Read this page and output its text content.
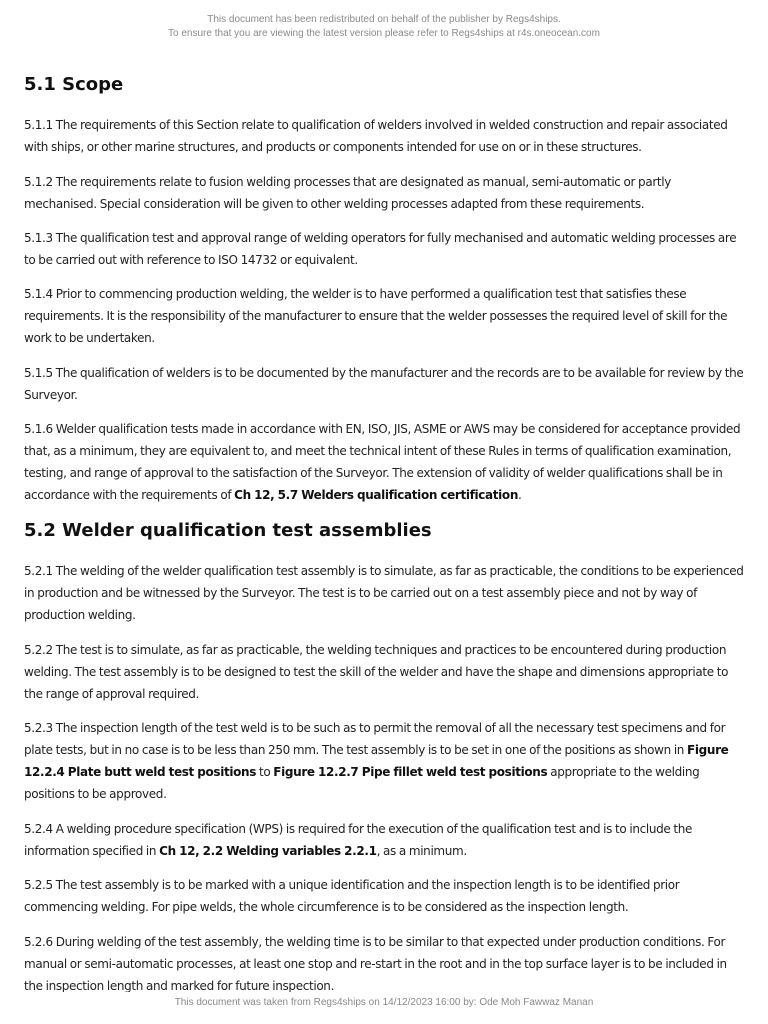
This document has been redistributed on behalf of the publisher by Regs4ships.
To ensure that you are viewing the latest version please refer to Regs4ships at r4s.oneocean.com
5.1 Scope

5.1.1 The requirements of this Section relate to qualification of welders involved in welded construction and repair associated with ships, or other marine structures, and products or components intended for use on or in these structures.

5.1.2 The requirements relate to fusion welding processes that are designated as manual, semi-automatic or partly mechanised. Special consideration will be given to other welding processes adapted from these requirements.

5.1.3 The qualification test and approval range of welding operators for fully mechanised and automatic welding processes are to be carried out with reference to ISO 14732 or equivalent.

5.1.4 Prior to commencing production welding, the welder is to have performed a qualification test that satisfies these requirements. It is the responsibility of the manufacturer to ensure that the welder possesses the required level of skill for the work to be undertaken.

5.1.5 The qualification of welders is to be documented by the manufacturer and the records are to be available for review by the Surveyor.

5.1.6 Welder qualification tests made in accordance with EN, ISO, JIS, ASME or AWS may be considered for acceptance provided that, as a minimum, they are equivalent to, and meet the technical intent of these Rules in terms of qualification examination, testing, and range of approval to the satisfaction of the Surveyor. The extension of validity of welder qualifications shall be in accordance with the requirements of Ch 12, 5.7 Welders qualification certification.

5.2 Welder qualification test assemblies

5.2.1 The welding of the welder qualification test assembly is to simulate, as far as practicable, the conditions to be experienced in production and be witnessed by the Surveyor. The test is to be carried out on a test assembly piece and not by way of production welding.

5.2.2 The test is to simulate, as far as practicable, the welding techniques and practices to be encountered during production welding. The test assembly is to be designed to test the skill of the welder and have the shape and dimensions appropriate to the range of approval required.

5.2.3 The inspection length of the test weld is to be such as to permit the removal of all the necessary test specimens and for plate tests, but in no case is to be less than 250 mm. The test assembly is to be set in one of the positions as shown in Figure 12.2.4 Plate butt weld test positions to Figure 12.2.7 Pipe fillet weld test positions appropriate to the welding positions to be approved.

5.2.4 A welding procedure specification (WPS) is required for the execution of the qualification test and is to include the information specified in Ch 12, 2.2 Welding variables 2.2.1, as a minimum.

5.2.5 The test assembly is to be marked with a unique identification and the inspection length is to be identified prior commencing welding. For pipe welds, the whole circumference is to be considered as the inspection length.

5.2.6 During welding of the test assembly, the welding time is to be similar to that expected under production conditions. For manual or semi-automatic processes, at least one stop and re-start in the root and in the top surface layer is to be included in the inspection length and marked for future inspection.

This document was taken from Regs4ships on 14/12/2023 16:00 by: Ode Moh Fawwaz Manan
